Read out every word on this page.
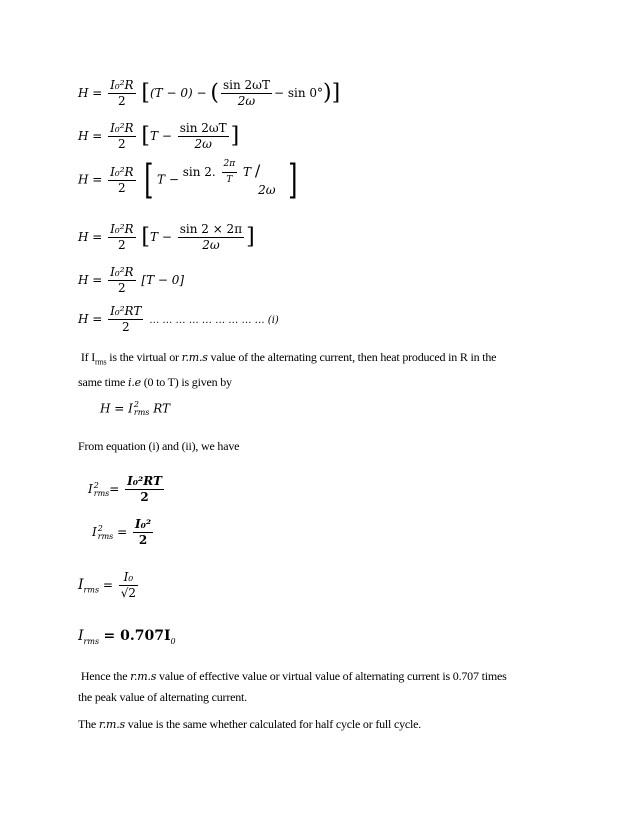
$H = \frac{\text{I₀²R}}{2} [(T - 0)$ − ( $\frac{\sin 2\omega T}{2\omega} - \sin 0^\circ$)]
$H = \frac{\text{I₀²R}}{2} [T - \frac{\sin 2\omega T}{2\omega}$ ]
$H = \frac{\text{I₀²R}}{2}$ [ T − sin 2. $\frac{2\pi}{T}$ T / 2ω ]
$H = \frac{\text{I₀²R}}{2} [T - \frac{\sin 2 \times 2\pi}{2\omega}$ ]
$H = \frac{\text{I₀²R}}{2} [T - 0]$
$H = \frac{\text{I₀²RT}}{2}$ … … … … … … … … … (i)
If $I_{rms}$ is the virtual or r.m.s value of the alternating current, then heat produced in R in the
same time i.e (0 to T) is given by
H = I 2
rms RT
From equation (i) and (ii), we have
I 2
rms = $\frac{\text{I₀²RT}}{2}$
I 2
rms = $\frac{\text{I₀²}}{2}$
$I_{rms} = \frac{\text{I₀}}{√2}$
$I_{rms} = 0.707I_0$
Hence the r.m.s value of effective value or virtual value of alternating current is 0.707 times
the peak value of alternating current.
The r.m.s value is the same whether calculated for half cycle or full cycle.
